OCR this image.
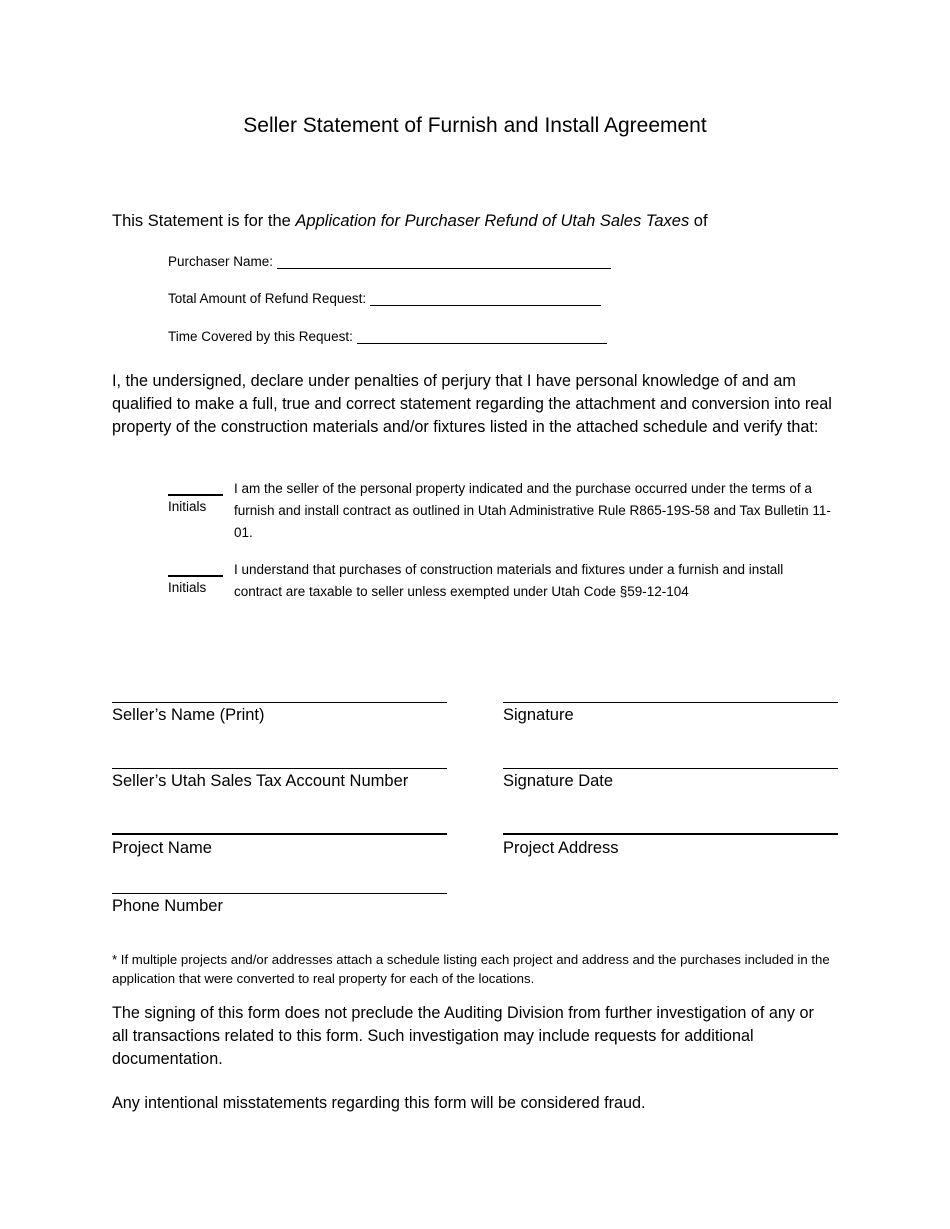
Seller Statement of Furnish and Install Agreement
This Statement is for the Application for Purchaser Refund of Utah Sales Taxes of
Purchaser Name:
Total Amount of Refund Request:
Time Covered by this Request:
I, the undersigned, declare under penalties of perjury that I have personal knowledge of and am qualified to make a full, true and correct statement regarding the attachment and conversion into real property of the construction materials and/or fixtures listed in the attached schedule and verify that:
Initials
I am the seller of the personal property indicated and the purchase occurred under the terms of a furnish and install contract as outlined in Utah Administrative Rule R865-19S-58 and Tax Bulletin 11-01.
Initials
I understand that purchases of construction materials and fixtures under a furnish and install contract are taxable to seller unless exempted under Utah Code §59-12-104
Seller’s Name (Print)	Signature
Seller’s Utah Sales Tax Account Number	Signature Date
Project Name	Project Address
Phone Number
* If multiple projects and/or addresses attach a schedule listing each project and address and the purchases included in the application that were converted to real property for each of the locations.
The signing of this form does not preclude the Auditing Division from further investigation of any or all transactions related to this form. Such investigation may include requests for additional documentation.
Any intentional misstatements regarding this form will be considered fraud.
